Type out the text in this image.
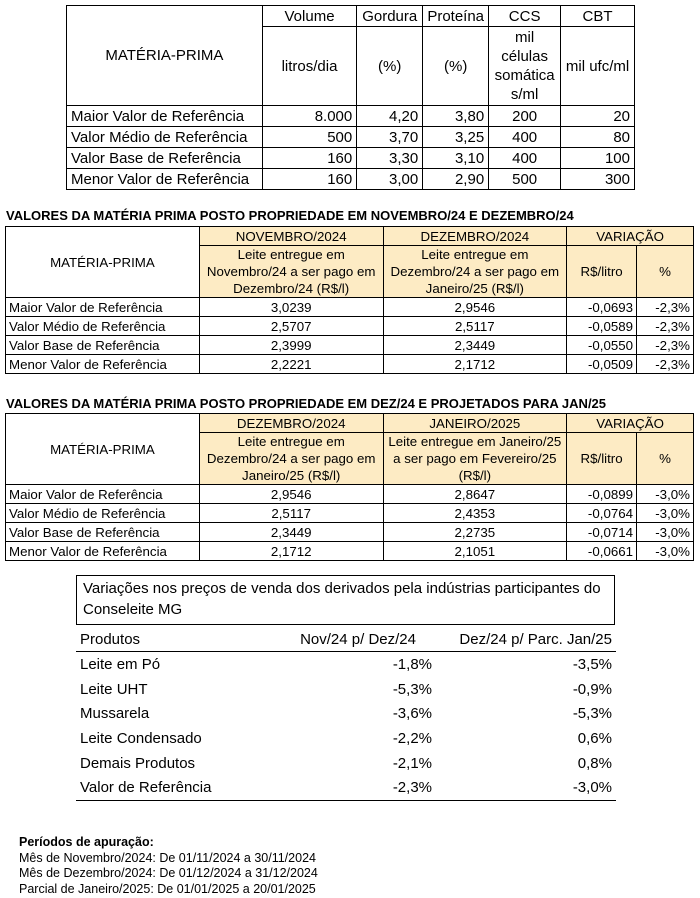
MATÉRIA-PRIMA	Volume	Gordura	Proteína	CCS	CBT
	litros/dia	(%)	(%)	mil células somática s/ml	mil ufc/ml
Maior Valor de Referência	8.000	4,20	3,80	200	20
Valor Médio de Referência	500	3,70	3,25	400	80
Valor Base de Referência	160	3,30	3,10	400	100
Menor Valor de Referência	160	3,00	2,90	500	300
VALORES DA MATÉRIA PRIMA POSTO PROPRIEDADE EM NOVEMBRO/24 E DEZEMBRO/24
MATÉRIA-PRIMA	NOVEMBRO/2024	DEZEMBRO/2024	VARIAÇÃO	
	Leite entregue em Novembro/24 a ser pago em Dezembro/24 (R$/l)	Leite entregue em Dezembro/24 a ser pago em Janeiro/25 (R$/l)	R$/litro	%
Maior Valor de Referência	3,0239	2,9546	-0,0693	-2,3%
Valor Médio de Referência	2,5707	2,5117	-0,0589	-2,3%
Valor Base de Referência	2,3999	2,3449	-0,0550	-2,3%
Menor Valor de Referência	2,2221	2,1712	-0,0509	-2,3%
VALORES DA MATÉRIA PRIMA POSTO PROPRIEDADE EM DEZ/24 E PROJETADOS PARA JAN/25
MATÉRIA-PRIMA	DEZEMBRO/2024	JANEIRO/2025	VARIAÇÃO	
	Leite entregue em Dezembro/24 a ser pago em Janeiro/25 (R$/l)	Leite entregue em Janeiro/25 a ser pago em Fevereiro/25 (R$/l)	R$/litro	%
Maior Valor de Referência	2,9546	2,8647	-0,0899	-3,0%
Valor Médio de Referência	2,5117	2,4353	-0,0764	-3,0%
Valor Base de Referência	2,3449	2,2735	-0,0714	-3,0%
Menor Valor de Referência	2,1712	2,1051	-0,0661	-3,0%
Variações nos preços de venda dos derivados pela indústrias participantes do Conseleite MG
Produtos	Nov/24 p/ Dez/24	Dez/24 p/ Parc. Jan/25
Leite em Pó	-1,8%	-3,5%
Leite UHT	-5,3%	-0,9%
Mussarela	-3,6%	-5,3%
Leite Condensado	-2,2%	0,6%
Demais Produtos	-2,1%	0,8%
Valor de Referência	-2,3%	-3,0%
Períodos de apuração:
Mês de Novembro/2024: De 01/11/2024 a 30/11/2024
Mês de Dezembro/2024: De 01/12/2024 a 31/12/2024
Parcial de Janeiro/2025: De 01/01/2025 a 20/01/2025
